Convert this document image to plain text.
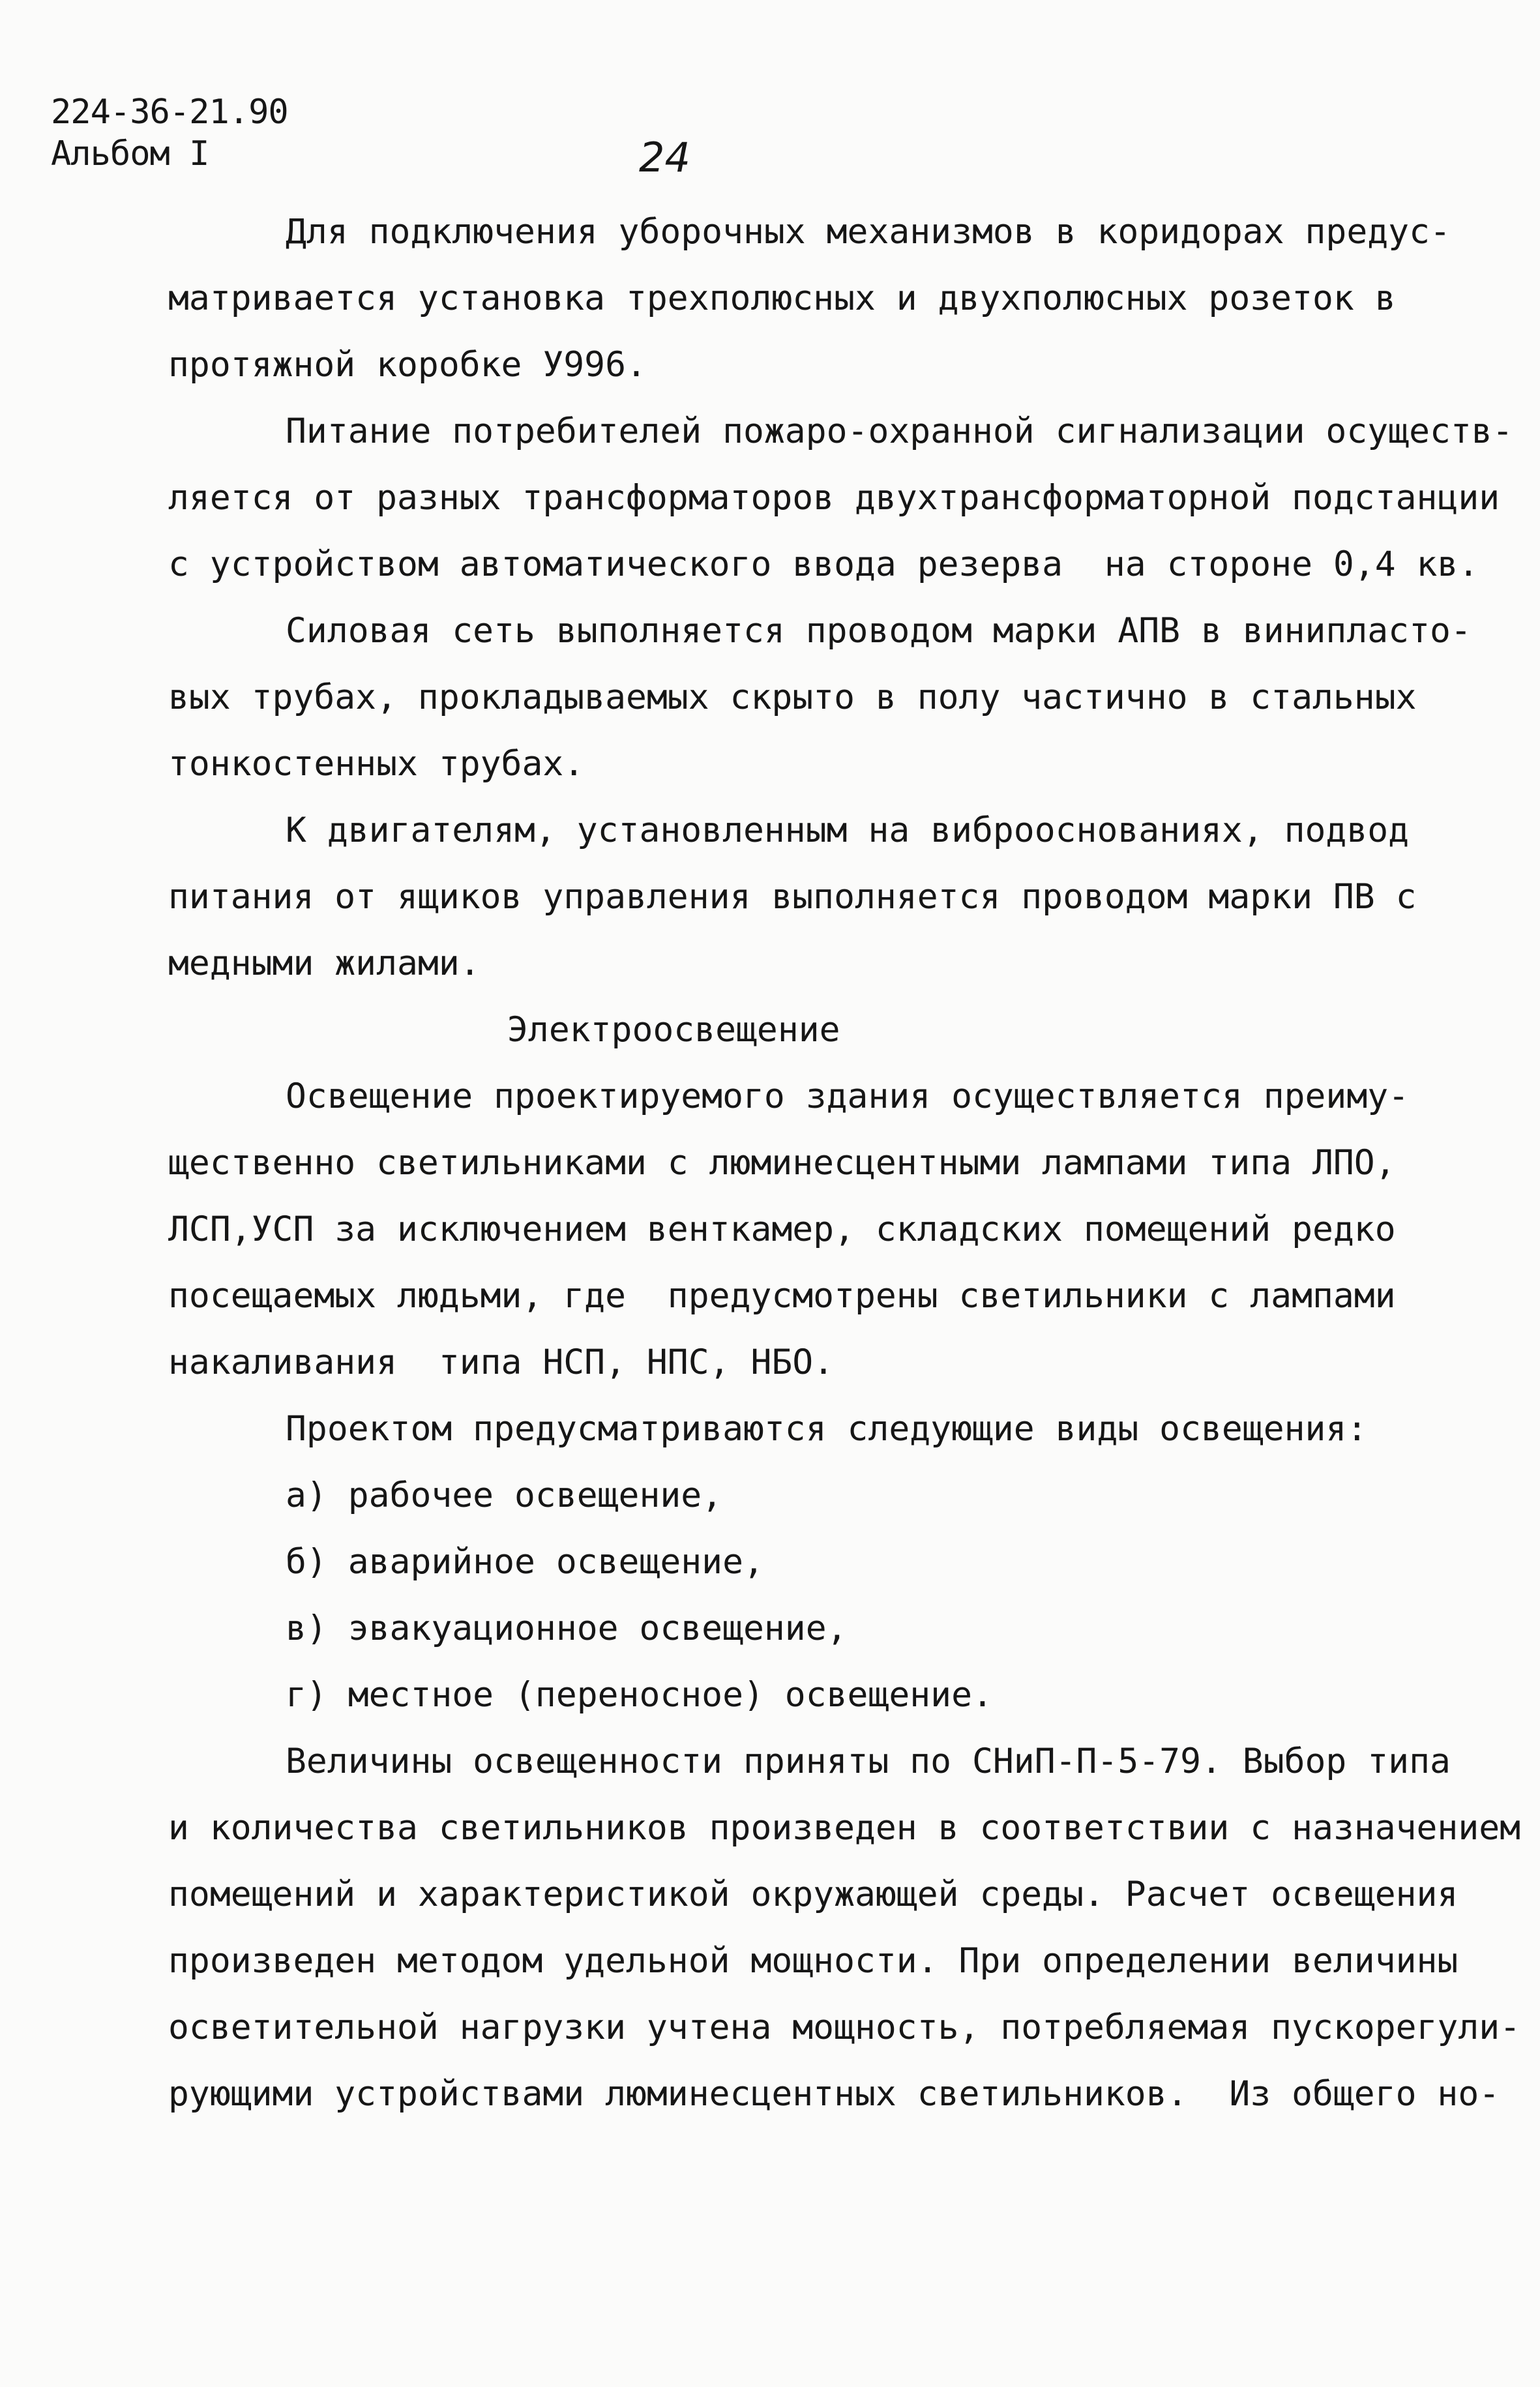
224-36-21.90
Альбом I	24
Для подключения уборочных механизмов в коридорах предус-
матривается установка трехполюсных и двухполюсных розеток в
протяжной коробке У996.
Питание потребителей пожаро-охранной сигнализации осуществ-
ляется от разных трансформаторов двухтрансформаторной подстанции
с устройством автоматического ввода резерва  на стороне 0,4 кв.
Силовая сеть выполняется проводом марки АПВ в винипласто-
вых трубах, прокладываемых скрыто в полу частично в стальных
тонкостенных трубах.
К двигателям, установленным на виброоснованиях, подвод
питания от ящиков управления выполняется проводом марки ПВ с
медными жилами.
Электроосвещение
Освещение проектируемого здания осуществляется преиму-
щественно светильниками с люминесцентными лампами типа ЛПО,
ЛСП,УСП за исключением венткамер, складских помещений редко
посещаемых людьми, где  предусмотрены светильники с лампами
накаливания  типа НСП, НПС, НБО.
Проектом предусматриваются следующие виды освещения:
а) рабочее освещение,
б) аварийное освещение,
в) эвакуационное освещение,
г) местное (переносное) освещение.
Величины освещенности приняты по СНиП-П-5-79. Выбор типа
и количества светильников произведен в соответствии с назначением
помещений и характеристикой окружающей среды. Расчет освещения
произведен методом удельной мощности. При определении величины
осветительной нагрузки учтена мощность, потребляемая пускорегули-
рующими устройствами люминесцентных светильников.  Из общего но-
